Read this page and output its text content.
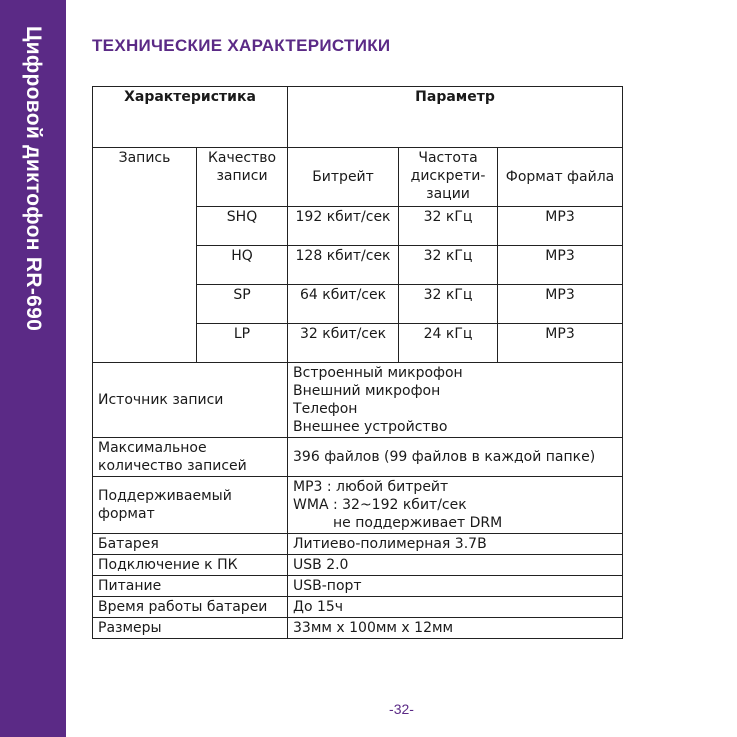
Цифровой диктофон RR-690	ТЕХНИЧЕСКИЕ ХАРАКТЕРИСТИКИ
Характеристика		Параметр		
Запись	Качество записи	Битрейт	Частота дискрети-зации	Формат файла
	SHQ	192 кбит/сек	32 кГц	MP3
	HQ	128 кбит/сек	32 кГц	MP3
	SP	64 кбит/сек	32 кГц	MP3
	LP	32 кбит/сек	24 кГц	MP3
Источник записи		Встроенный микрофон
Внешний микрофон
Телефон
Внешнее устройство		

Максимальное количество записей		396 файлов (99 файлов в каждой папке)		
Поддерживаемый формат		MP3 : любой битрейт
WMA : 32~192 кбит/сек
не поддерживает DRM		

Батарея		Литиево-полимерная 3.7В		
Подключение к ПК		USB 2.0		
Питание		USB-порт		
Время работы батареи		До 15ч		
Размеры		33мм х 100мм х 12мм		
-32-
